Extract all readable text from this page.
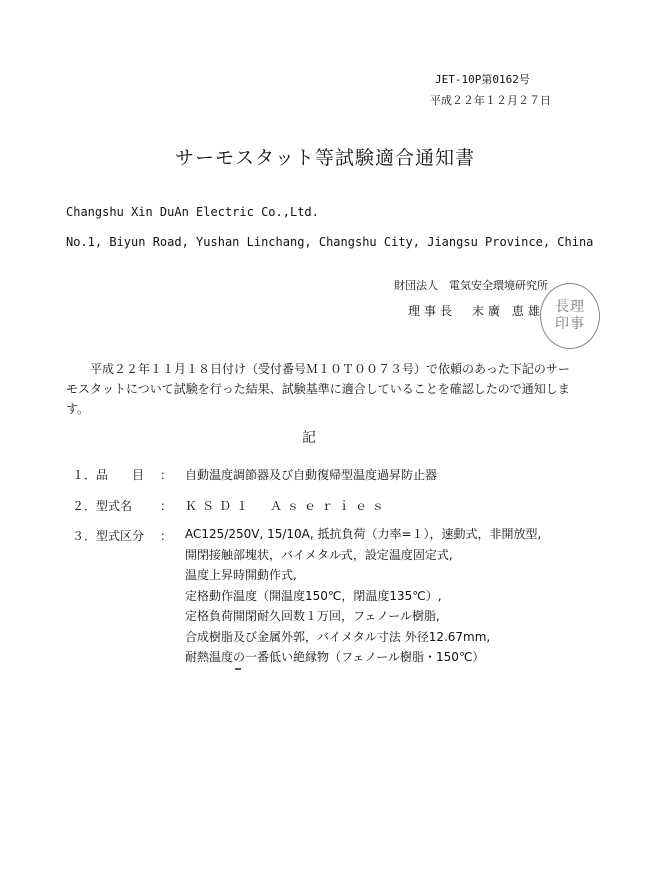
JET-10P第0162号
平成２２年１２月２７日
サーモスタット等試験適合通知書
Changshu Xin DuAn Electric Co.,Ltd.
No.1, Biyun Road, Yushan Linchang, Changshu City, Jiangsu Province, China
財団法人　電気安全環境研究所
理事長　末廣 恵雄 長理
印事
平成２２年１１月１８日付け（受付番号Ｍ１０Ｔ００７３号）で依頼のあった下記のサーモスタットについて試験を行った結果、試験基準に適合していることを確認したので通知します。
記
１．品　　目 ： 自動温度調節器及び自動復帰型温度過昇防止器
２．型式名 ： ＫＳＤ１　Ａｓｅｒｉｅｓ
３．型式区分 ： AC125/250V, 15/10A, 抵抗負荷（力率=１），速動式，非開放型,
開閉接触部塊状，バイメタル式，設定温度固定式,
温度上昇時開動作式,
定格動作温度（開温度150℃，閉温度135℃）,
定格負荷開閉耐久回数１万回，フェノール樹脂,
合成樹脂及び金属外郭，バイメタル寸法 外径12.67mm,
耐熱温度の一番低い絶縁物（フェノール樹脂・150℃）
